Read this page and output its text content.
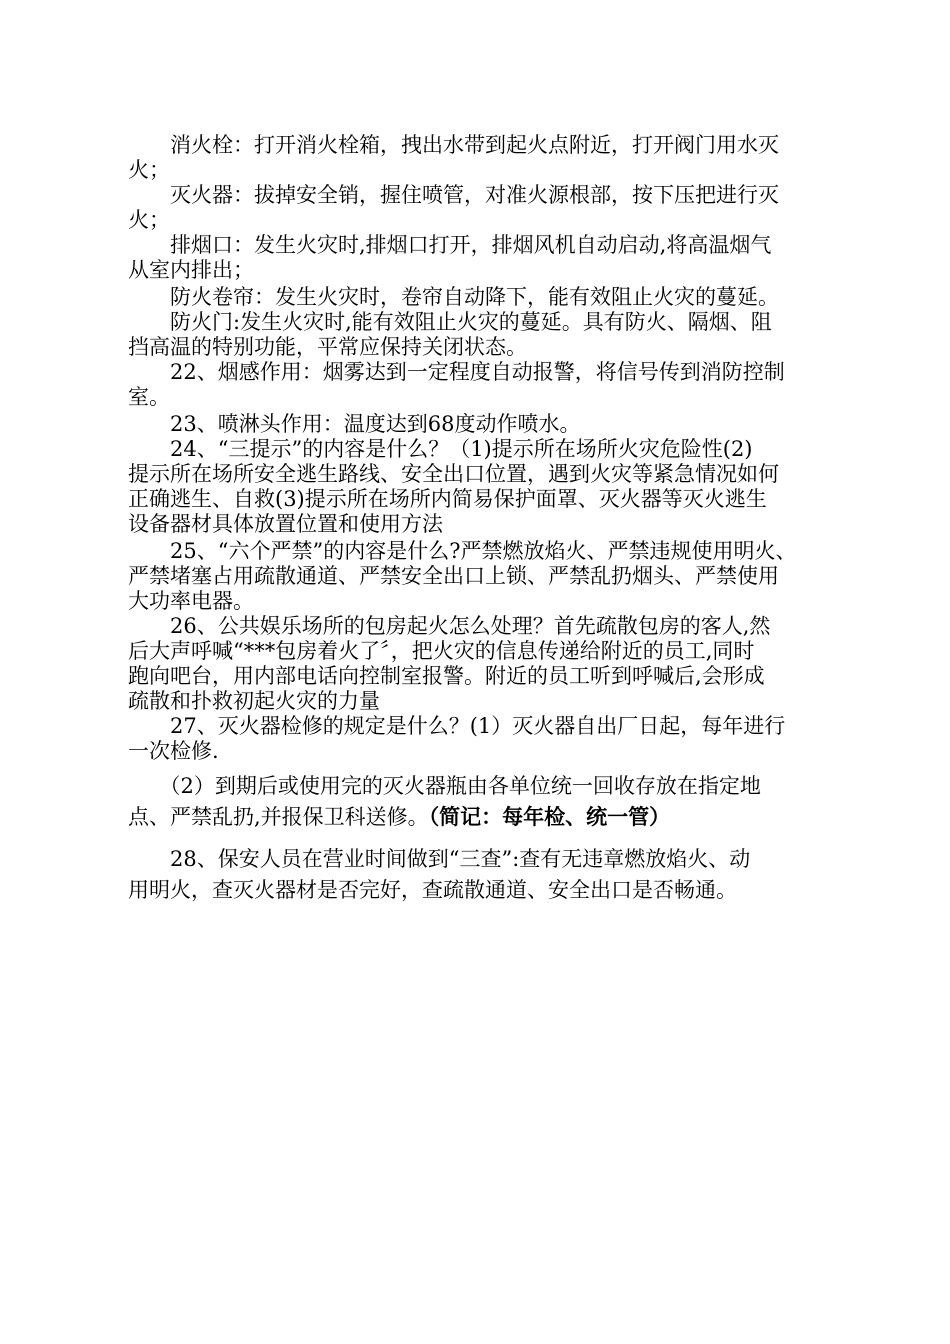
　　消火栓：打开消火栓箱，拽出水带到起火点附近，打开阀门用水灭
火；
　　灭火器：拔掉安全销，握住喷管，对准火源根部，按下压把进行灭
火；
　　排烟口：发生火灾时,排烟口打开，排烟风机自动启动,将高温烟气
从室内排出；
　　防火卷帘：发生火灾时，卷帘自动降下，能有效阻止火灾的蔓延。
　　防火门:发生火灾时,能有效阻止火灾的蔓延。具有防火、隔烟、阻
挡高温的特别功能，平常应保持关闭状态。
　　22、烟感作用：烟雾达到一定程度自动报警，将信号传到消防控制
室。
　　23、喷淋头作用：温度达到68度动作喷水。
　　24、“三提示”的内容是什么？（1)提示所在场所火灾危险性(2)
提示所在场所安全逃生路线、安全出口位置，遇到火灾等紧急情况如何
正确逃生、自救(3)提示所在场所内简易保护面罩、灭火器等灭火逃生
设备器材具体放置位置和使用方法
　　25、“六个严禁”的内容是什么?严禁燃放焰火、严禁违规使用明火、
严禁堵塞占用疏散通道、严禁安全出口上锁、严禁乱扔烟头、严禁使用
大功率电器。
　　26、公共娱乐场所的包房起火怎么处理？首先疏散包房的客人,然
后大声呼喊“***包房着火了〞，把火灾的信息传递给附近的员工,同时
跑向吧台，用内部电话向控制室报警。附近的员工听到呼喊后,会形成
疏散和扑救初起火灾的力量
　　27、灭火器检修的规定是什么？(1）灭火器自出厂日起，每年进行
一次检修.
　　（2）到期后或使用完的灭火器瓶由各单位统一回收存放在指定地
点、严禁乱扔,并报保卫科送修。（简记：每年检、统一管）
　　28、保安人员在营业时间做到“三查”:查有无违章燃放焰火、动
用明火，查灭火器材是否完好，查疏散通道、安全出口是否畅通。
